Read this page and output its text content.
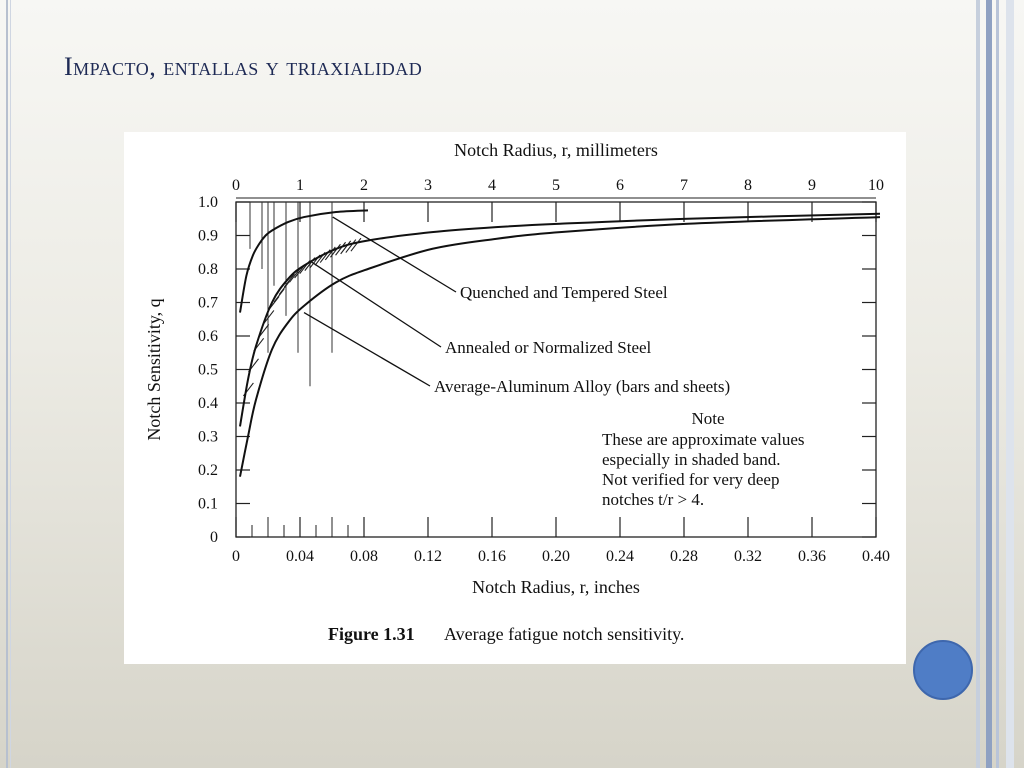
Impacto, entallas y triaxialidad
0
0.1
0.2
0.3
0.4
0.5
0.6
0.7
0.8
0.9
1.0
0	0.04 0.08 0.12 0.16 0.20 0.24 0.28 0.32 0.36 0.40
0	1	2	3	4	5	6	7	8	9	10
Quenched and Tempered Steel
Annealed or Normalized Steel
Average-Aluminum Alloy (bars and sheets)
Note
These are approximate values
especially in shaded band.
Not verified for very deep
notches t/r > 4.
Notch Radius, r, millimeters
Notch Radius, r, inches
Notch Sensitivity, q
Figure 1.31 Average fatigue notch sensitivity.
